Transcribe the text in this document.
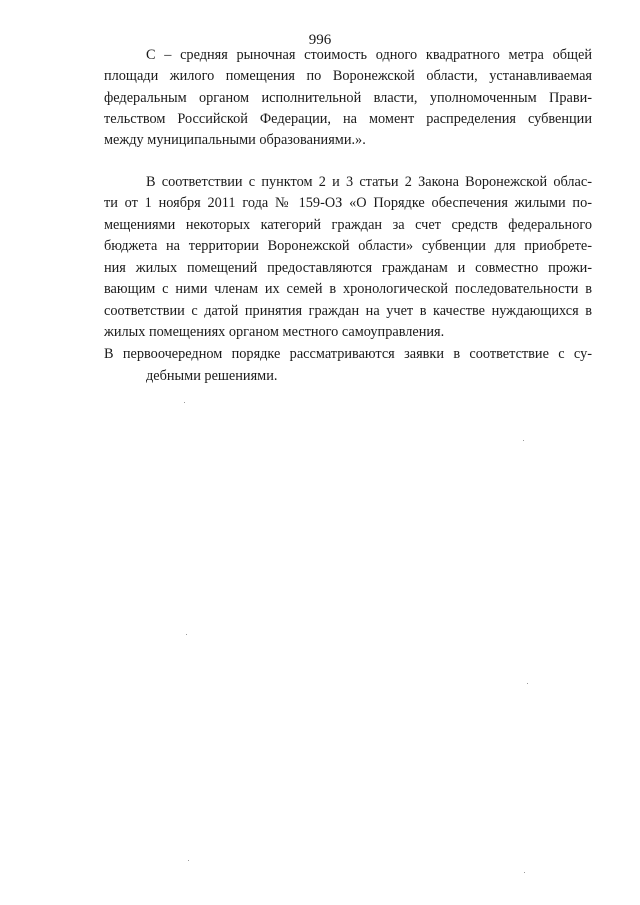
996
С – средняя рыночная стоимость одного квадратного метра общей
площади жилого помещения по Воронежской области, устанавливаемая
федеральным органом исполнительной власти, уполномоченным Прави-
тельством Российской Федерации, на момент распределения субвенции
между муниципальными образованиями.».
В соответствии с пунктом 2 и 3 статьи 2 Закона Воронежской облас-
ти от 1 ноября 2011 года № 159-ОЗ «О Порядке обеспечения жилыми по-
мещениями некоторых категорий граждан за счет средств федерального
бюджета на территории Воронежской области» субвенции для приобрете-
ния жилых помещений предоставляются гражданам и совместно прожи-
вающим с ними членам их семей в хронологической последовательности в
соответствии с датой принятия граждан на учет в качестве нуждающихся в
жилых помещениях органом местного самоуправления.
В первоочередном порядке рассматриваются заявки в соответствие с су-
дебными решениями.
